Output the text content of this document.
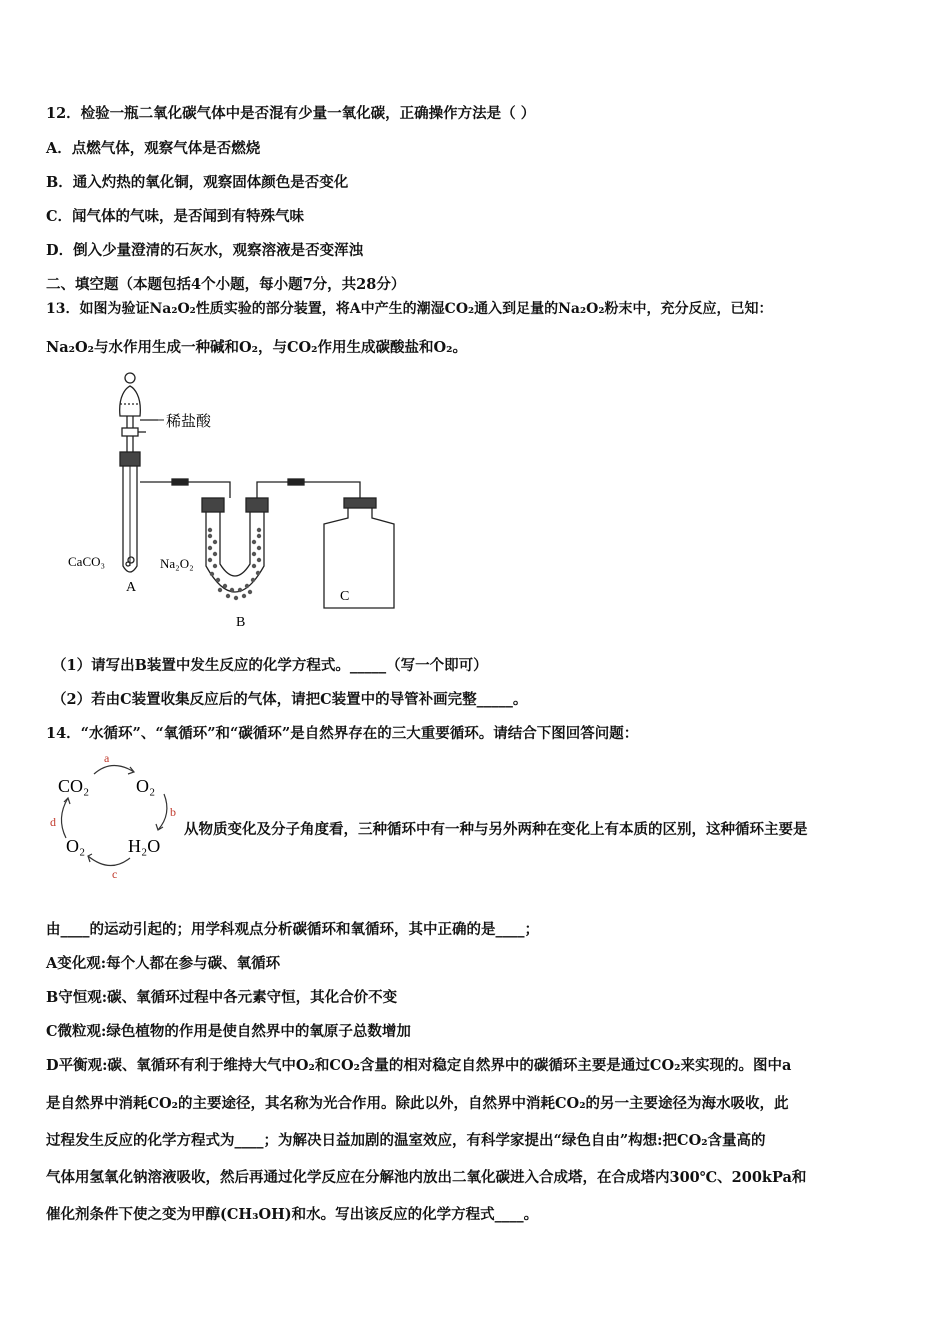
12．检验一瓶二氧化碳气体中是否混有少量一氧化碳，正确操作方法是（ ）
A．点燃气体，观察气体是否燃烧
B．通入灼热的氧化铜，观察固体颜色是否变化
C．闻气体的气味，是否闻到有特殊气味
D．倒入少量澄清的石灰水，观察溶液是否变浑浊
二、填空题（本题包括4个小题，每小题7分，共28分）
13．如图为验证Na₂O₂性质实验的部分装置，将A中产生的潮湿CO₂通入到足量的Na₂O₂粉末中，充分反应，已知：
Na₂O₂与水作用生成一种碱和O₂，与CO₂作用生成碳酸盐和O₂。
稀盐酸
CaCO₃	Na₂O₂
A
B
C
（1）请写出B装置中发生反应的化学方程式。_____（写一个即可）
（2）若由C装置收集反应后的气体，请把C装置中的导管补画完整_____。
14．“水循环”、“氧循环”和“碳循环”是自然界存在的三大重要循环。请结合下图回答问题：
a
b
c
d
CO₂	O₂
H₂O
O₂
从物质变化及分子角度看，三种循环中有一种与另外两种在变化上有本质的区别，这种循环主要是
由____的运动引起的；用学科观点分析碳循环和氧循环，其中正确的是____；
A变化观:每个人都在参与碳、氧循环
B守恒观:碳、氧循环过程中各元素守恒，其化合价不变
C微粒观:绿色植物的作用是使自然界中的氧原子总数增加
D平衡观:碳、氧循环有利于维持大气中O₂和CO₂含量的相对稳定自然界中的碳循环主要是通过CO₂来实现的。图中a
是自然界中消耗CO₂的主要途径，其名称为光合作用。除此以外，自然界中消耗CO₂的另一主要途径为海水吸收，此
过程发生反应的化学方程式为____；为解决日益加剧的温室效应，有科学家提出“绿色自由”构想:把CO₂含量高的
气体用氢氧化钠溶液吸收，然后再通过化学反应在分解池内放出二氧化碳进入合成塔，在合成塔内300℃、200kPa和
催化剂条件下使之变为甲醇(CH₃OH)和水。写出该反应的化学方程式____。
